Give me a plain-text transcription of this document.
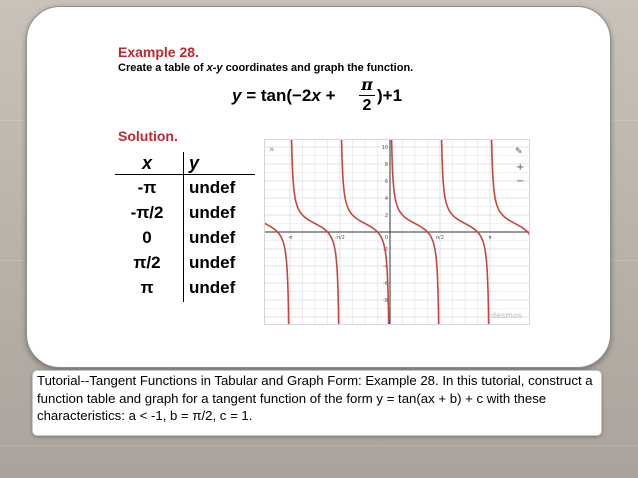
Example 28.
Create a table of x-y coordinates and graph the function.
y = tan(−2x +
π
2
)+1
Solution.
x	y
-π	undef
-π/2	undef
0	undef
π/2	undef
π	undef
10
8
6
4
2
-2
-4
-6
-8
-π	-π/2	π/2	π
0
»	✎
+
−
desmos
Tutorial--Tangent Functions in Tabular and Graph Form: Example 28. In this tutorial, construct a function table and graph for a tangent function of the form y = tan(ax + b) + c with these characteristics: a < -1, b = π/2, c = 1.
